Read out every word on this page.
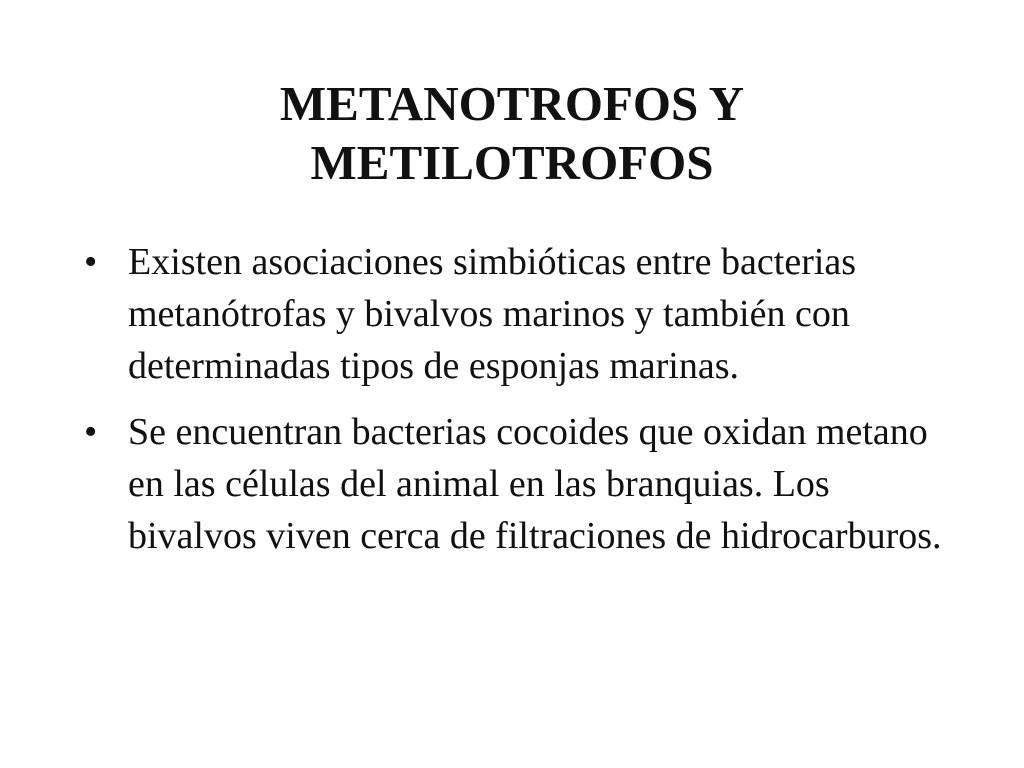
METANOTROFOS Y
METILOTROFOS
• Existen asociaciones simbióticas entre bacterias metanótrofas y bivalvos marinos y también con determinadas tipos de esponjas marinas.
• Se encuentran bacterias cocoides que oxidan metano en las células del animal en las branquias. Los bivalvos viven cerca de filtraciones de hidrocarburos.
